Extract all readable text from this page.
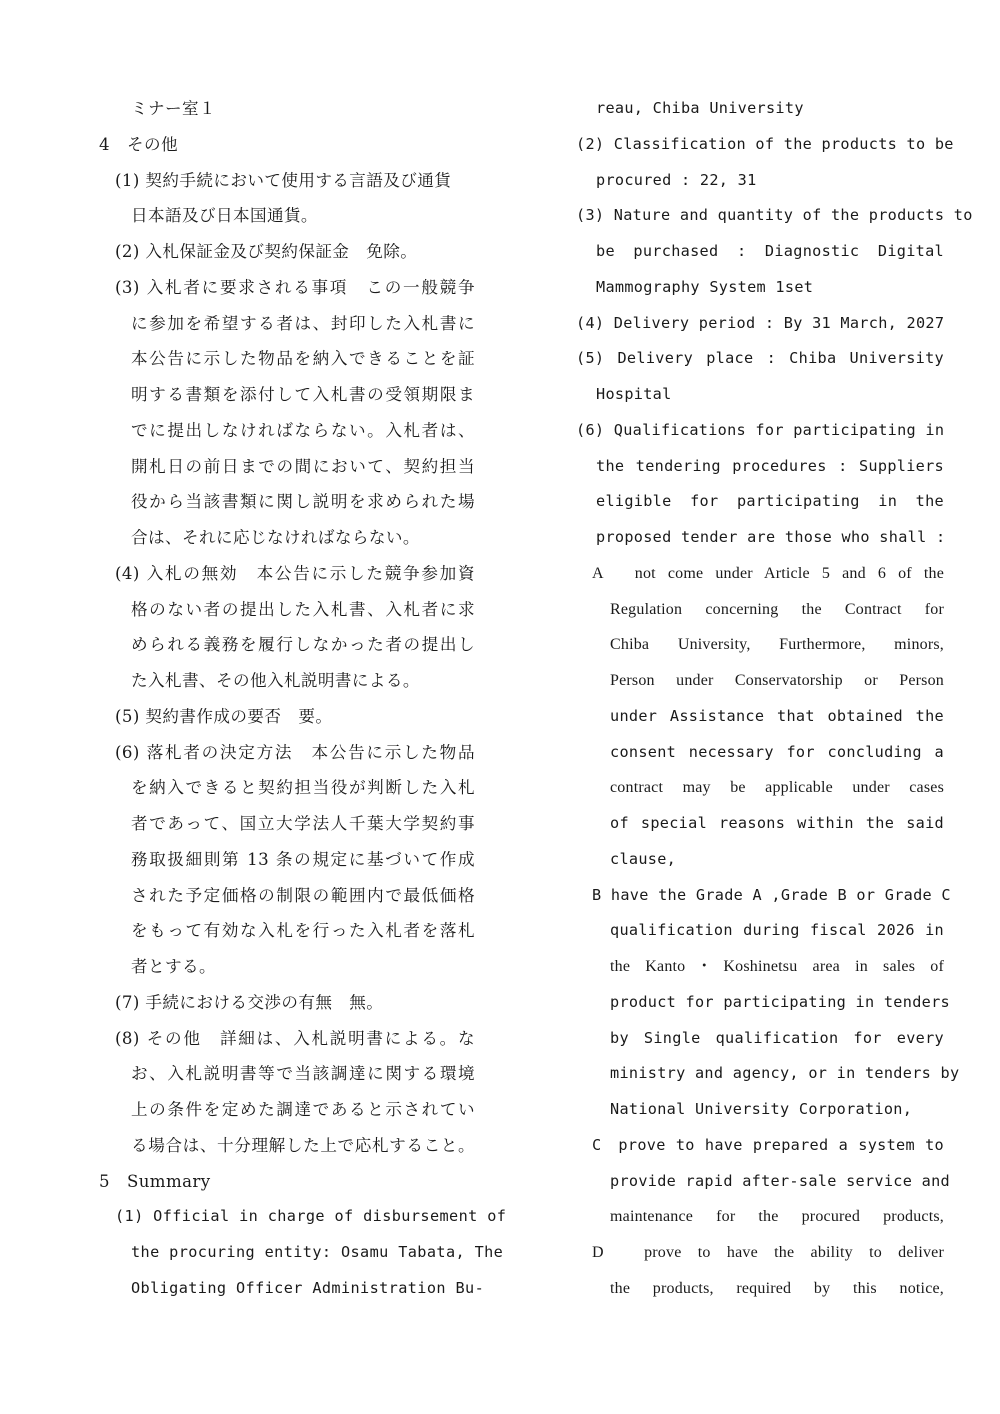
ミナー室１
4　その他
(1) 契約手続において使用する言語及び通貨
日本語及び日本国通貨。
(2) 入札保証金及び契約保証金　免除。
(3) 入札者に要求される事項　この一般競争
に参加を希望する者は、封印した入札書に
本公告に示した物品を納入できることを証
明する書類を添付して入札書の受領期限ま
でに提出しなければならない。入札者は、
開札日の前日までの間において、契約担当
役から当該書類に関し説明を求められた場
合は、それに応じなければならない。
(4) 入札の無効　本公告に示した競争参加資
格のない者の提出した入札書、入札者に求
められる義務を履行しなかった者の提出し
た入札書、その他入札説明書による。
(5) 契約書作成の要否　要。
(6) 落札者の決定方法　本公告に示した物品
を納入できると契約担当役が判断した入札
者であって、国立大学法人千葉大学契約事
務取扱細則第 13 条の規定に基づいて作成
された予定価格の制限の範囲内で最低価格
をもって有効な入札を行った入札者を落札
者とする。
(7) 手続における交渉の有無　無。
(8) その他　詳細は、入札説明書による。な
お、入札説明書等で当該調達に関する環境
上の条件を定めた調達であると示されてい
る場合は、十分理解した上で応札すること。
5　Summary
(1) Official in charge of disbursement of
the procuring entity: Osamu Tabata, The
Obligating Officer Administration Bu-
reau, Chiba University
(2) Classification of the products to be
procured : 22, 31
(3) Nature and quantity of the products to
be purchased : Diagnostic Digital
Mammography System 1set
(4) Delivery period : By 31 March, 2027
(5) Delivery place : Chiba University
Hospital
(6) Qualifications for participating in
the tendering procedures : Suppliers
eligible for participating in the
proposed tender are those who shall :
A　not come under Article 5 and 6 of the
Regulation concerning the Contract for
Chiba University, Furthermore, minors,
Person under Conservatorship or Person
under Assistance that obtained the
consent necessary for concluding a
contract may be applicable under cases
of special reasons within the said
clause,
B have the Grade A ,Grade B or Grade C
qualification during fiscal 2026 in
the Kanto・Koshinetsu area in sales of
product for participating in tenders
by Single qualification for every
ministry and agency, or in tenders by
National University Corporation,
C　prove to have prepared a system to
provide rapid after-sale service and
maintenance for the procured products,
D　prove to have the ability to deliver
the products, required by this notice,
